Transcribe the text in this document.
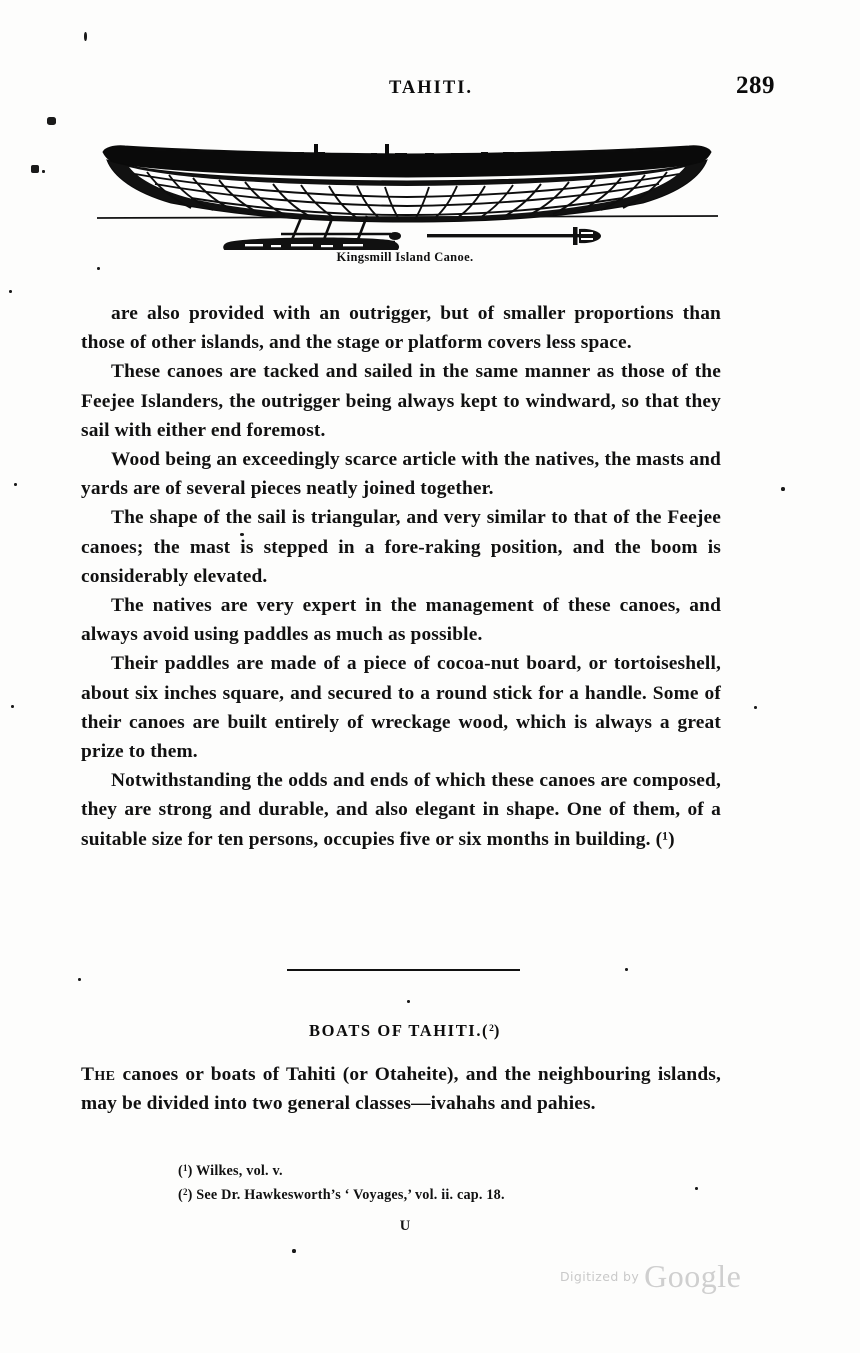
TAHITI.	289
Kingsmill Island Canoe.

are also provided with an outrigger, but of smaller proportions than those of other islands, and the stage or platform covers less space.

These canoes are tacked and sailed in the same manner as those of the Feejee Islanders, the outrigger being always kept to windward, so that they sail with either end foremost.

Wood being an exceedingly scarce article with the natives, the masts and yards are of several pieces neatly joined together.

The shape of the sail is triangular, and very similar to that of the Feejee canoes; the mast is stepped in a fore-raking position, and the boom is considerably elevated.

The natives are very expert in the management of these canoes, and always avoid using paddles as much as possible.

Their paddles are made of a piece of cocoa-nut board, or tortoiseshell, about six inches square, and secured to a round stick for a handle. Some of their canoes are built entirely of wreckage wood, which is always a great prize to them.

Notwithstanding the odds and ends of which these canoes are composed, they are strong and durable, and also elegant in shape. One of them, of a suitable size for ten persons, occupies five or six months in building. (¹)

BOATS OF TAHITI.($^2$)

The canoes or boats of Tahiti (or Otaheite), and the neighbouring islands, may be divided into two general classes—ivahahs and pahies.

($^1$) Wilkes, vol. v.
($^2$) See Dr. Hawkesworth’s ‘ Voyages,’ vol. ii. cap. 18.
U
$^{Digitized by}$ Google
